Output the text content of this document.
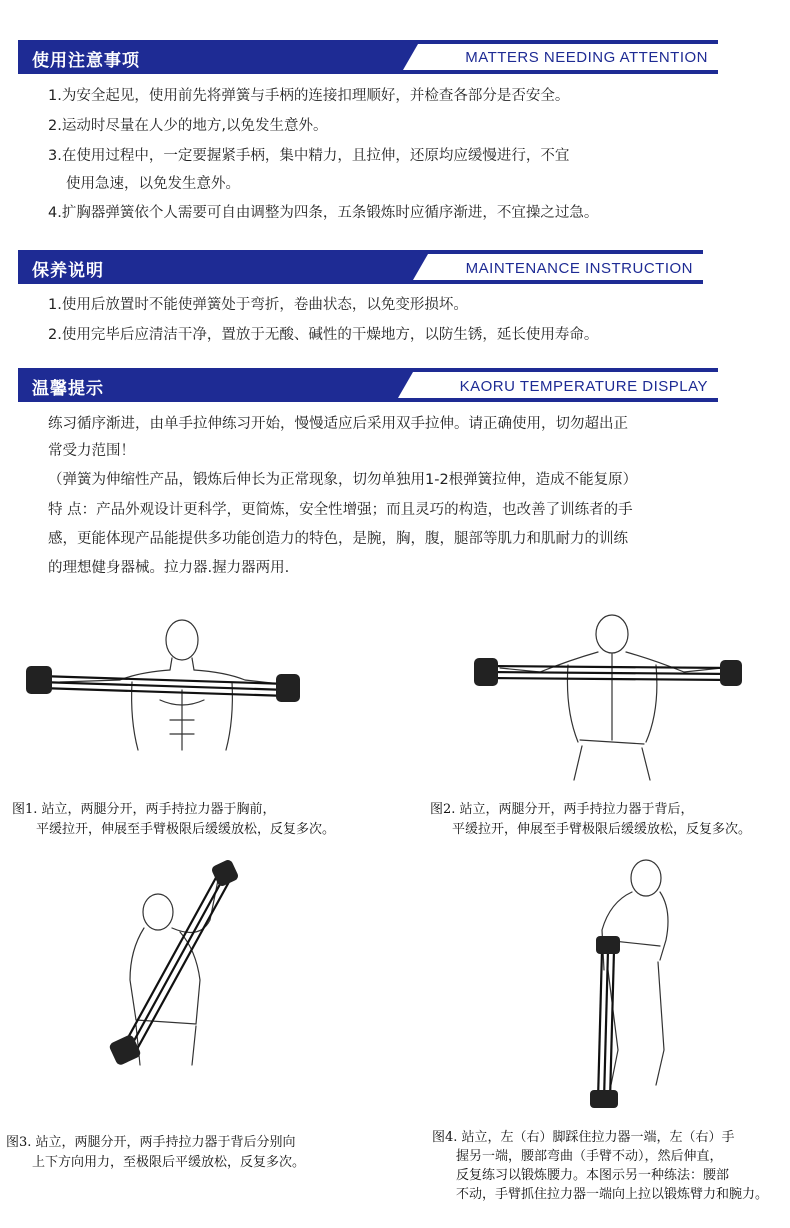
使用注意事项	MATTERS NEEDING ATTENTION
1.为安全起见，使用前先将弹簧与手柄的连接扣理顺好，并检查各部分是否安全。
2.运动时尽量在人少的地方,以免发生意外。
3.在使用过程中，一定要握紧手柄，集中精力，且拉伸，还原均应缓慢进行，不宜
使用急速，以免发生意外。
4.扩胸器弹簧依个人需要可自由调整为四条，五条锻炼时应循序渐进，不宜操之过急。
保养说明	MAINTENANCE INSTRUCTION
1.使用后放置时不能使弹簧处于弯折，卷曲状态，以免变形损坏。
2.使用完毕后应清洁干净，置放于无酸、碱性的干燥地方，以防生锈，延长使用寿命。
温馨提示	KAORU TEMPERATURE DISPLAY
练习循序渐进，由单手拉伸练习开始，慢慢适应后采用双手拉伸。请正确使用，切勿超出正
常受力范围！
（弹簧为伸缩性产品，锻炼后伸长为正常现象，切勿单独用1-2根弹簧拉伸，造成不能复原）
特 点：产品外观设计更科学，更简炼，安全性增强；而且灵巧的构造，也改善了训练者的手
感，更能体现产品能提供多功能创造力的特色，是腕，胸，腹，腿部等肌力和肌耐力的训练
的理想健身器械。拉力器.握力器两用.
图1. 站立，两腿分开，两手持拉力器于胸前，
平缓拉开，伸展至手臂极限后缓缓放松，反复多次。
图2. 站立，两腿分开，两手持拉力器于背后，
平缓拉开，伸展至手臂极限后缓缓放松，反复多次。
图3. 站立，两腿分开，两手持拉力器于背后分别向
上下方向用力，至极限后平缓放松，反复多次。
图4. 站立，左（右）脚踩住拉力器一端，左（右）手
握另一端，腰部弯曲（手臂不动），然后伸直，
反复练习以锻炼腰力。本图示另一种练法：腰部
不动，手臂抓住拉力器一端向上拉以锻炼臂力和腕力。
